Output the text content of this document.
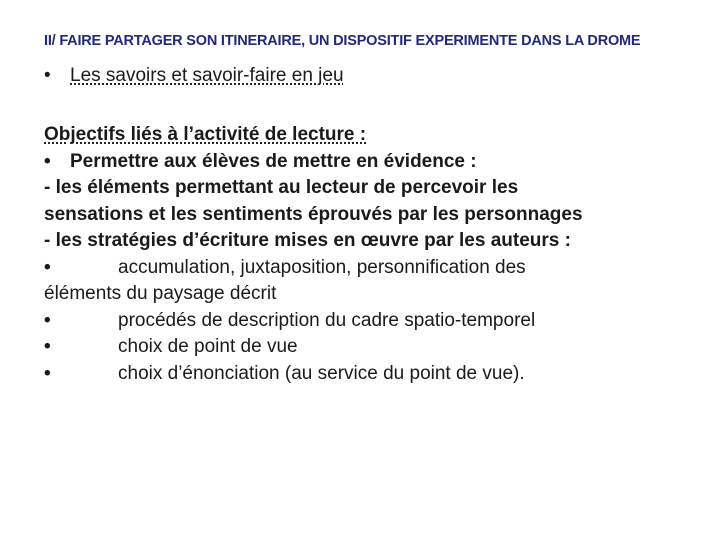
II/ FAIRE PARTAGER SON ITINERAIRE, UN DISPOSITIF EXPERIMENTE DANS LA DROME
• Les savoirs et savoir-faire en jeu
Objectifs liés à l’activité de lecture :
• Permettre aux élèves de mettre en évidence :
- les éléments permettant au lecteur de percevoir les
sensations et les sentiments éprouvés par les personnages
- les stratégies d’écriture mises en œuvre par les auteurs :
•	accumulation, juxtaposition, personnification des
éléments du paysage décrit
•	procédés de description du cadre spatio-temporel
•	choix de point de vue
•	choix d’énonciation (au service du point de vue).
